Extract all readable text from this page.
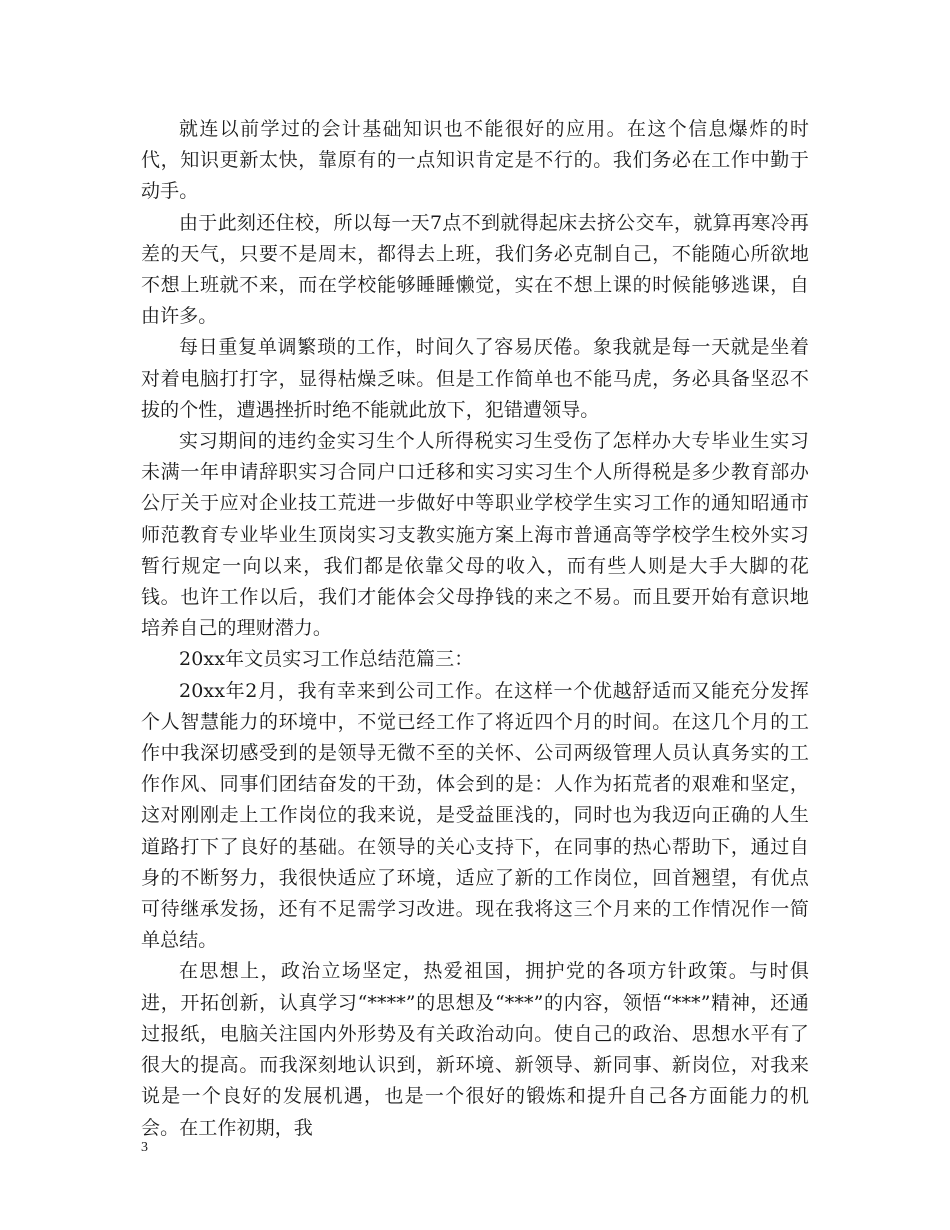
就连以前学过的会计基础知识也不能很好的应用。在这个信息爆炸的时代，知识更新太快，靠原有的一点知识肯定是不行的。我们务必在工作中勤于动手。

由于此刻还住校，所以每一天7点不到就得起床去挤公交车，就算再寒冷再差的天气，只要不是周末，都得去上班，我们务必克制自己，不能随心所欲地不想上班就不来，而在学校能够睡睡懒觉，实在不想上课的时候能够逃课，自由许多。

每日重复单调繁琐的工作，时间久了容易厌倦。象我就是每一天就是坐着对着电脑打打字，显得枯燥乏味。但是工作简单也不能马虎，务必具备坚忍不拔的个性，遭遇挫折时绝不能就此放下，犯错遭领导。

实习期间的违约金实习生个人所得税实习生受伤了怎样办大专毕业生实习未满一年申请辞职实习合同户口迁移和实习实习生个人所得税是多少教育部办公厅关于应对企业技工荒进一步做好中等职业学校学生实习工作的通知昭通市师范教育专业毕业生顶岗实习支教实施方案上海市普通高等学校学生校外实习暂行规定一向以来，我们都是依靠父母的收入，而有些人则是大手大脚的花钱。也许工作以后，我们才能体会父母挣钱的来之不易。而且要开始有意识地培养自己的理财潜力。

20xx年文员实习工作总结范篇三：

20xx年2月，我有幸来到公司工作。在这样一个优越舒适而又能充分发挥个人智慧能力的环境中，不觉已经工作了将近四个月的时间。在这几个月的工作中我深切感受到的是领导无微不至的关怀、公司两级管理人员认真务实的工作作风、同事们团结奋发的干劲，体会到的是：人作为拓荒者的艰难和坚定，这对刚刚走上工作岗位的我来说，是受益匪浅的，同时也为我迈向正确的人生道路打下了良好的基础。在领导的关心支持下，在同事的热心帮助下，通过自身的不断努力，我很快适应了环境，适应了新的工作岗位，回首翘望，有优点可待继承发扬，还有不足需学习改进。现在我将这三个月来的工作情况作一简单总结。

在思想上，政治立场坚定，热爱祖国，拥护党的各项方针政策。与时俱进，开拓创新，认真学习“****”的思想及“***”的内容，领悟“***”精神，还通过报纸，电脑关注国内外形势及有关政治动向。使自己的政治、思想水平有了很大的提高。而我深刻地认识到，新环境、新领导、新同事、新岗位，对我来说是一个良好的发展机遇，也是一个很好的锻炼和提升自己各方面能力的机会。在工作初期，我

3
